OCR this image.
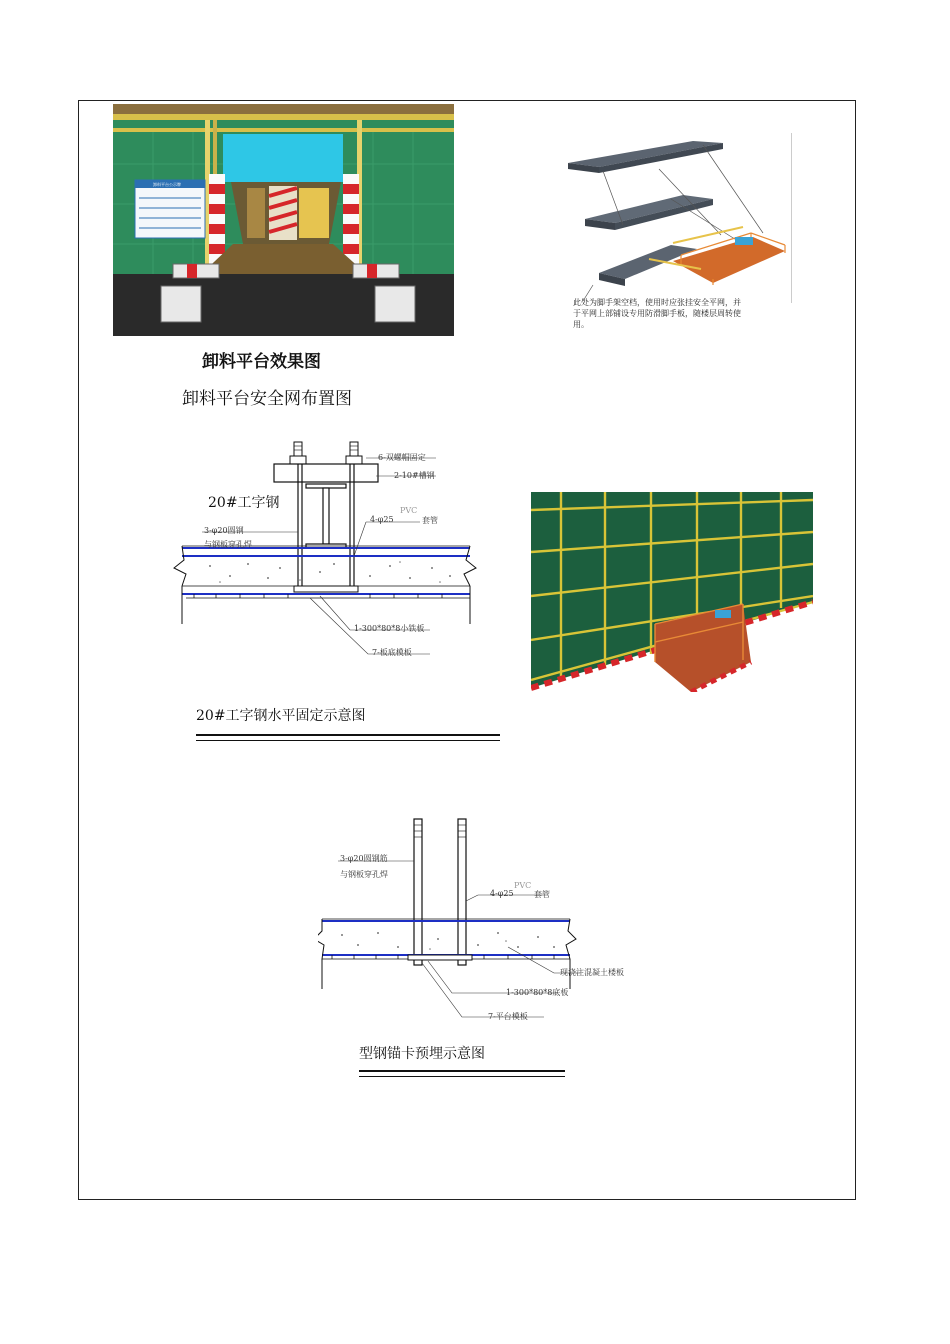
卸料平台公示牌
此处为脚手架空档，使用时应张挂安全平网，并
于平网上部铺设专用防滑脚手板，随楼层周转使
用。
卸料平台效果图
卸料平台安全网布置图
20#工字钢
6-双螺帽固定
2-10#槽钢
3-φ20圆钢
与钢板穿孔焊
4-φ25
PVC
套管
1-300*80*8小铁板
7-板底模板
20#工字钢水平固定示意图
3-φ20圆钢筋
与钢板穿孔焊
4-φ25
PVC
套管
现浇注混凝土楼板
1-300*80*8底板
7-平台模板
型钢锚卡预埋示意图
